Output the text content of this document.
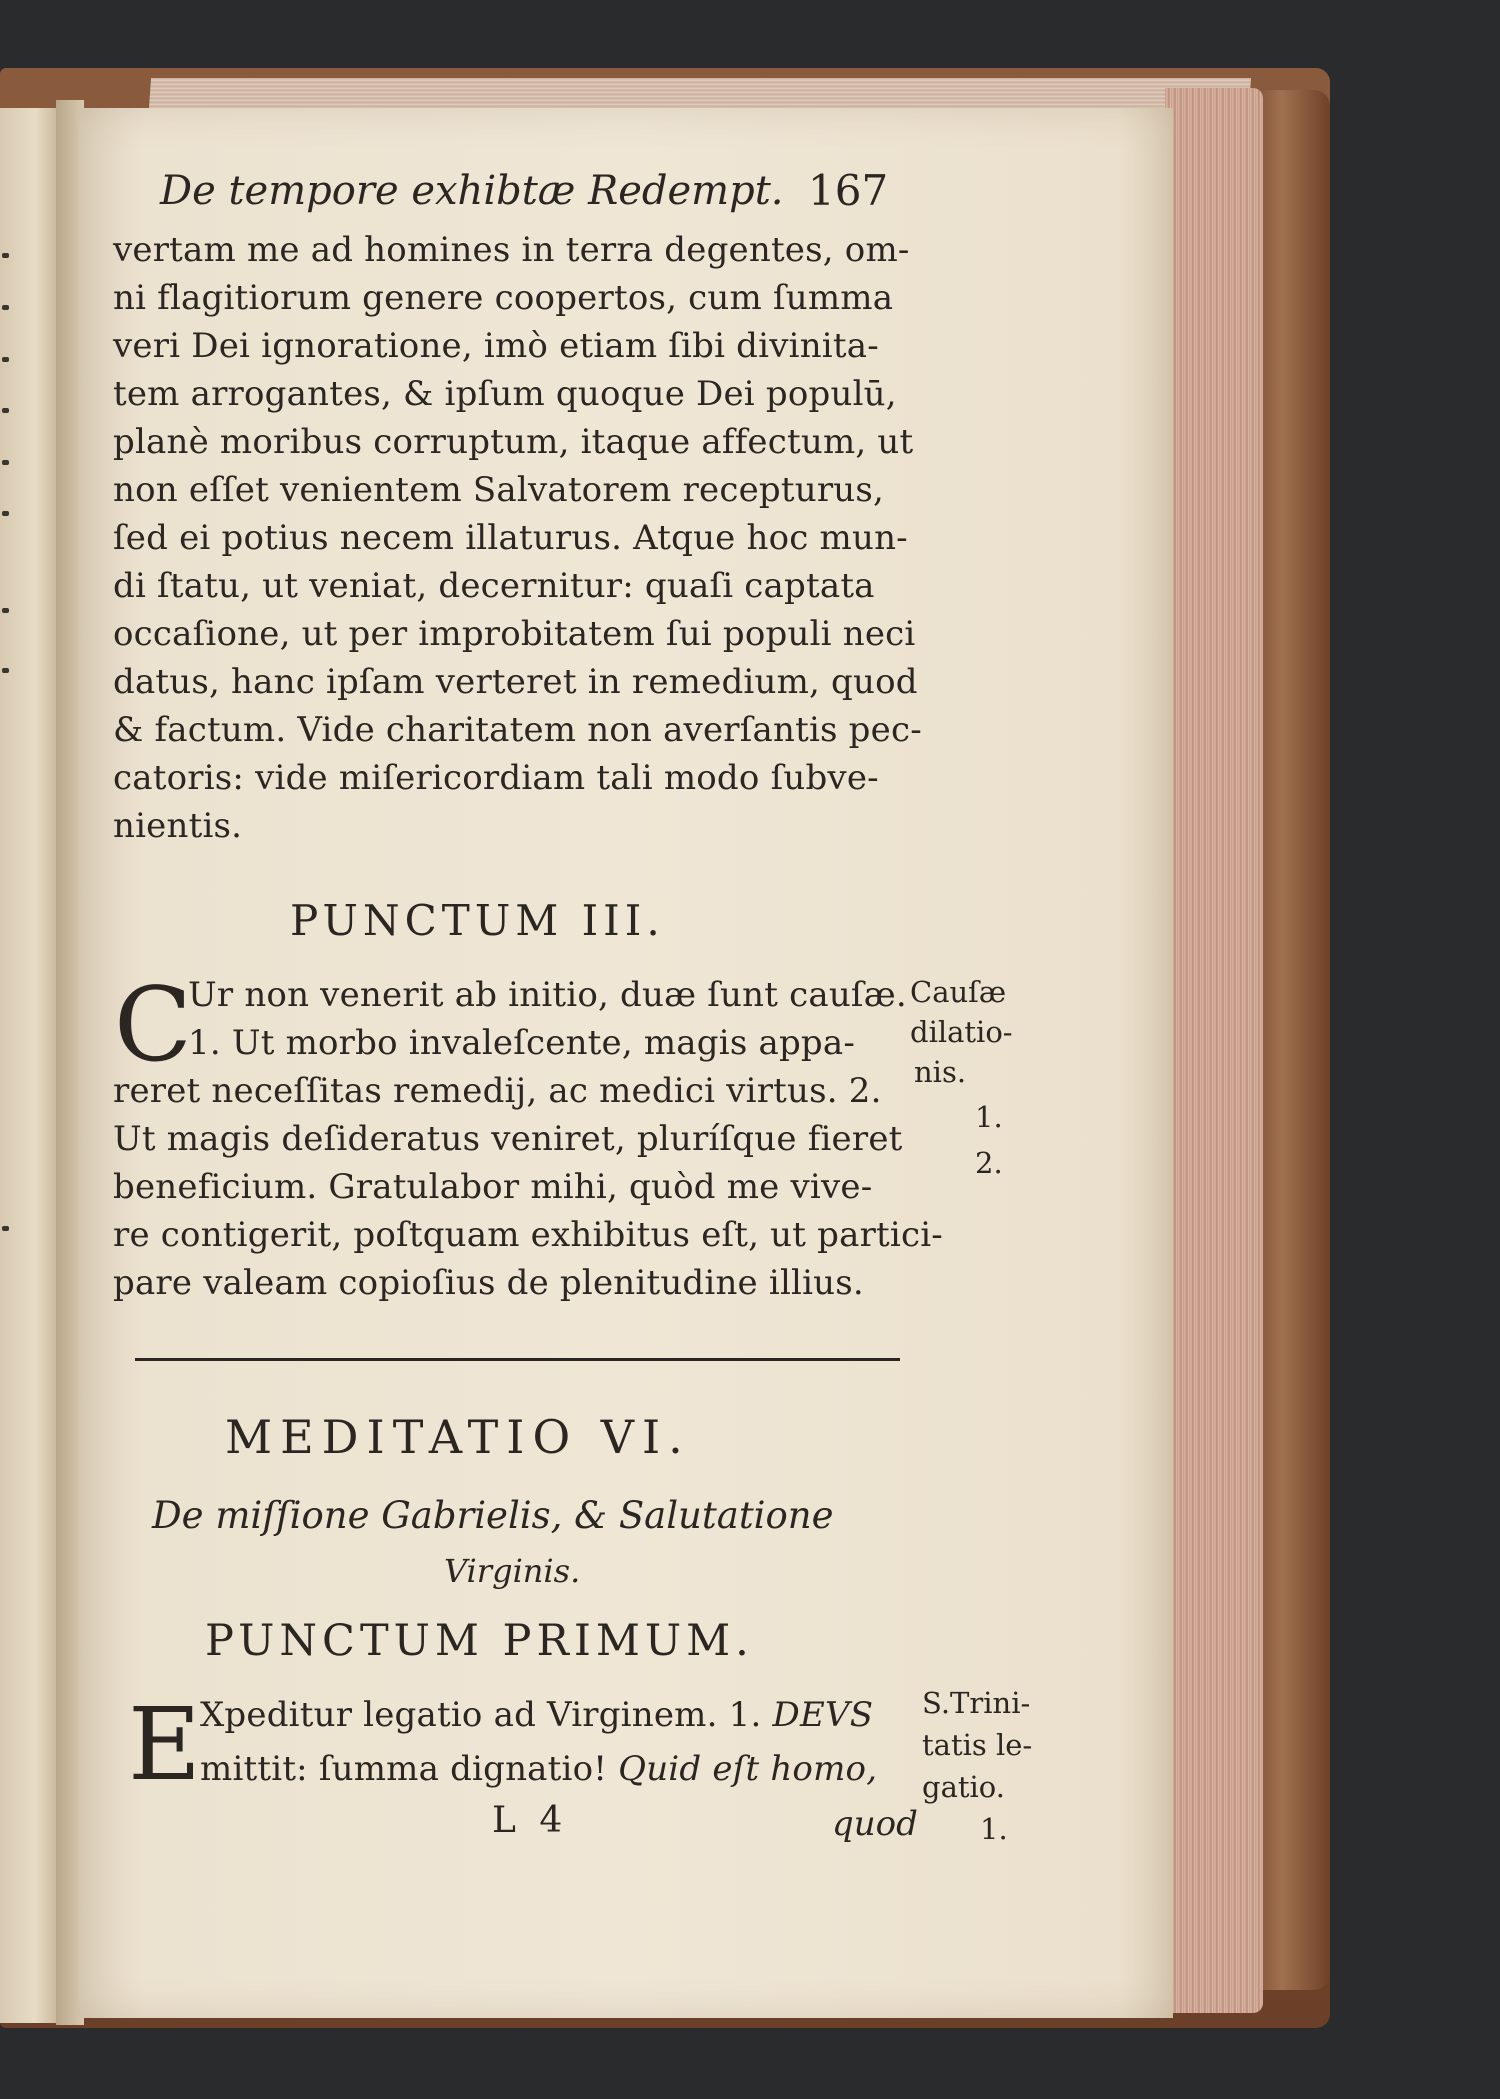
De tempore exhibtæ Redempt. 167
vertam me ad homines in terra degentes, om-
ni flagitiorum genere coopertos, cum ſumma
veri Dei ignoratione, imò etiam ſibi divinita-
tem arrogantes, & ipſum quoque Dei populū,
planè moribus corruptum, itaque affectum, ut
non eſſet venientem Salvatorem recepturus,
ſed ei potius necem illaturus. Atque hoc mun-
di ſtatu, ut veniat, decernitur: quaſi captata
occaſione, ut per improbitatem ſui populi neci
datus, hanc ipſam verteret in remedium, quod
& factum. Vide charitatem non averſantis pec-
catoris: vide miſericordiam tali modo ſubve-
nientis.
PUNCTUM III.
C
Ur non venerit ab initio, duæ ſunt cauſæ.
1. Ut morbo invaleſcente, magis appa-
reret neceſſitas remedij, ac medici virtus. 2.
Ut magis deſideratus veniret, pluríſque fieret
beneficium. Gratulabor mihi, quòd me vive-
re contigerit, poſtquam exhibitus eſt, ut partici-
pare valeam copioſius de plenitudine illius.
Cauſæ
dilatio-
nis.
1.
2.
MEDITATIO VI.
De miſſione Gabrielis, & Salutatione
Virginis.
PUNCTUM PRIMUM.
E Xpeditur legatio ad Virginem. 1. DEVS
mittit: ſumma dignatio! Quid eſt homo,
S.Trini-
tatis le-
gatio.
1.
L 4	quod
